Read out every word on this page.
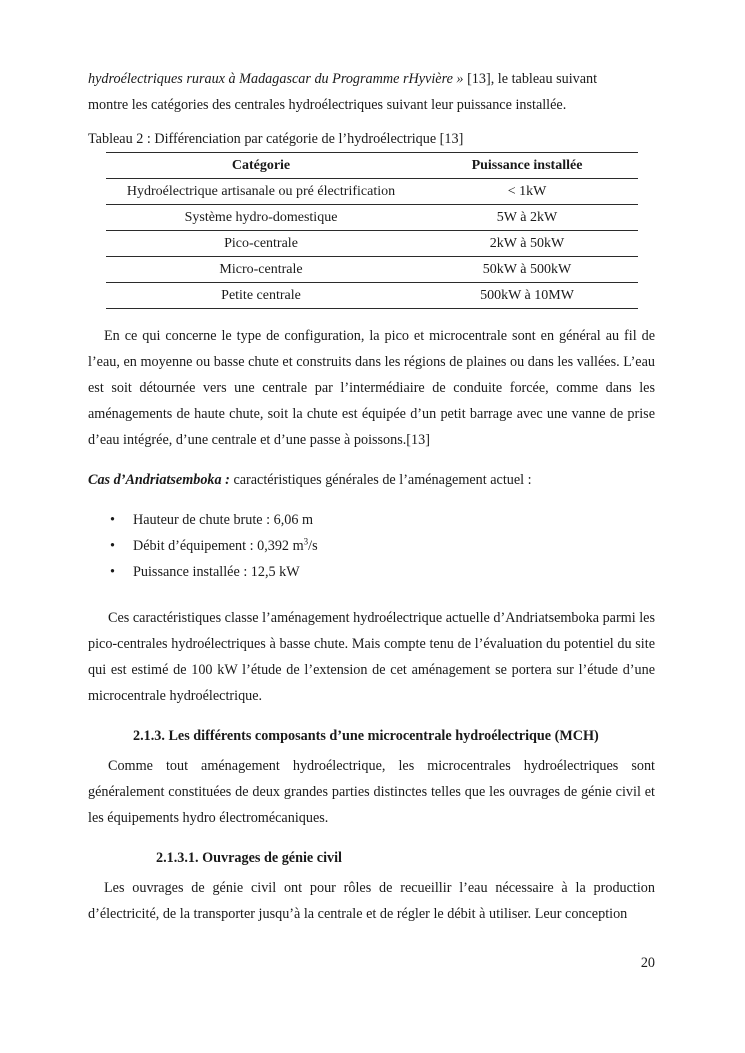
hydroélectriques ruraux à Madagascar du Programme rHyvière » [13], le tableau suivant
montre les catégories des centrales hydroélectriques suivant leur puissance installée.

Tableau 2 : Différenciation par catégorie de l’hydroélectrique [13]

Catégorie	Puissance installée
Hydroélectrique artisanale ou pré électrification	< 1kW
Système hydro-domestique	5W à 2kW
Pico-centrale	2kW à 50kW
Micro-centrale	50kW à 500kW
Petite centrale	500kW à 10MW

En ce qui concerne le type de configuration, la pico et microcentrale sont en général au fil de l’eau, en moyenne ou basse chute et construits dans les régions de plaines ou dans les vallées. L’eau est soit détournée vers une centrale par l’intermédiaire de conduite forcée, comme dans les aménagements de haute chute, soit la chute est équipée d’un petit barrage avec une vanne de prise d’eau intégrée, d’une centrale et d’une passe à poissons.[13]

Cas d’Andriatsemboka : caractéristiques générales de l’aménagement actuel :

• Hauteur de chute brute : 6,06 m
• Débit d’équipement : 0,392 $m^3/s$
• Puissance installée : 12,5 kW

Ces caractéristiques classe l’aménagement hydroélectrique actuelle d’Andriatsemboka parmi les pico-centrales hydroélectriques à basse chute. Mais compte tenu de l’évaluation du potentiel du site qui est estimé de 100 kW l’étude de l’extension de cet aménagement se portera sur l’étude d’une microcentrale hydroélectrique.

2.1.3. Les différents composants d’une microcentrale hydroélectrique (MCH)

Comme tout aménagement hydroélectrique, les microcentrales hydroélectriques sont généralement constituées de deux grandes parties distinctes telles que les ouvrages de génie civil et les équipements hydro électromécaniques.

2.1.3.1. Ouvrages de génie civil

Les ouvrages de génie civil ont pour rôles de recueillir l’eau nécessaire à la production d’électricité, de la transporter jusqu’à la centrale et de régler le débit à utiliser. Leur conception

20
